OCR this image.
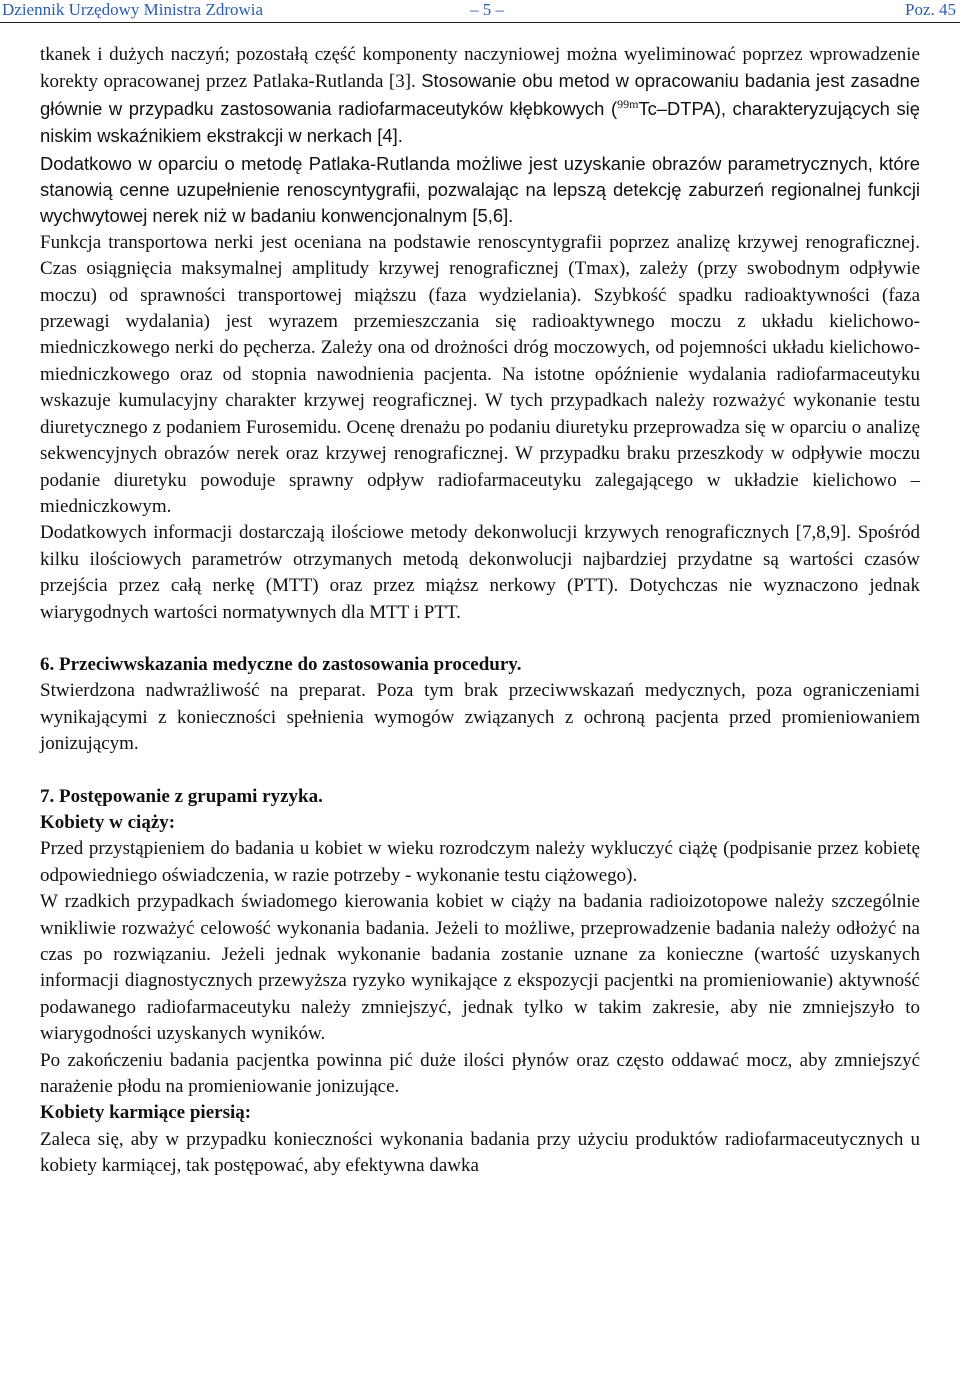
Dziennik Urzędowy Ministra Zdrowia	– 5 –	Poz. 45

tkanek i dużych naczyń; pozostałą część komponenty naczyniowej można wyeliminować poprzez wprowadzenie korekty opracowanej przez Patlaka-Rutlanda [3]. Stosowanie obu metod w opracowaniu badania jest zasadne głównie w przypadku zastosowania radiofarmaceutyków kłębkowych ($^{99m}$Tc–DTPA), charakteryzujących się niskim wskaźnikiem ekstrakcji w nerkach [4].

Dodatkowo w oparciu o metodę Patlaka-Rutlanda możliwe jest uzyskanie obrazów parametrycznych, które stanowią cenne uzupełnienie renoscyntygrafii, pozwalając na lepszą detekcję zaburzeń regionalnej funkcji wychwytowej nerek niż w badaniu konwencjonalnym [5,6].

Funkcja transportowa nerki jest oceniana na podstawie renoscyntygrafii poprzez analizę krzywej renograficznej. Czas osiągnięcia maksymalnej amplitudy krzywej renograficznej (Tmax), zależy (przy swobodnym odpływie moczu) od sprawności transportowej miąższu (faza wydzielania). Szybkość spadku radioaktywności (faza przewagi wydalania) jest wyrazem przemieszczania się radioaktywnego moczu z układu kielichowo-miedniczkowego nerki do pęcherza. Zależy ona od drożności dróg moczowych, od pojemności układu kielichowo-miedniczkowego oraz od stopnia nawodnienia pacjenta. Na istotne opóźnienie wydalania radiofarmaceutyku wskazuje kumulacyjny charakter krzywej reograficznej. W tych przypadkach należy rozważyć wykonanie testu diuretycznego z podaniem Furosemidu. Ocenę drenażu po podaniu diuretyku przeprowadza się w oparciu o analizę sekwencyjnych obrazów nerek oraz krzywej renograficznej. W przypadku braku przeszkody w odpływie moczu podanie diuretyku powoduje sprawny odpływ radiofarmaceutyku zalegającego w układzie kielichowo – miedniczkowym.

Dodatkowych informacji dostarczają ilościowe metody dekonwolucji krzywych renograficznych [7,8,9]. Spośród kilku ilościowych parametrów otrzymanych metodą dekonwolucji najbardziej przydatne są wartości czasów przejścia przez całą nerkę (MTT) oraz przez miąższ nerkowy (PTT). Dotychczas nie wyznaczono jednak wiarygodnych wartości normatywnych dla MTT i PTT.

6. Przeciwwskazania medyczne do zastosowania procedury.

Stwierdzona nadwrażliwość na preparat. Poza tym brak przeciwwskazań medycznych, poza ograniczeniami wynikającymi z konieczności spełnienia wymogów związanych z ochroną pacjenta przed promieniowaniem jonizującym.

7. Postępowanie z grupami ryzyka.
Kobiety w ciąży:

Przed przystąpieniem do badania u kobiet w wieku rozrodczym należy wykluczyć ciążę (podpisanie przez kobietę odpowiedniego oświadczenia, w razie potrzeby - wykonanie testu ciążowego).

W rzadkich przypadkach świadomego kierowania kobiet w ciąży na badania radioizotopowe należy szczególnie wnikliwie rozważyć celowość wykonania badania. Jeżeli to możliwe, przeprowadzenie badania należy odłożyć na czas po rozwiązaniu. Jeżeli jednak wykonanie badania zostanie uznane za konieczne (wartość uzyskanych informacji diagnostycznych przewyższa ryzyko wynikające z ekspozycji pacjentki na promieniowanie) aktywność podawanego radiofarmaceutyku należy zmniejszyć, jednak tylko w takim zakresie, aby nie zmniejszyło to wiarygodności uzyskanych wyników.

Po zakończeniu badania pacjentka powinna pić duże ilości płynów oraz często oddawać mocz, aby zmniejszyć narażenie płodu na promieniowanie jonizujące.

Kobiety karmiące piersią:

Zaleca się, aby w przypadku konieczności wykonania badania przy użyciu produktów radiofarmaceutycznych u kobiety karmiącej, tak postępować, aby efektywna dawka
